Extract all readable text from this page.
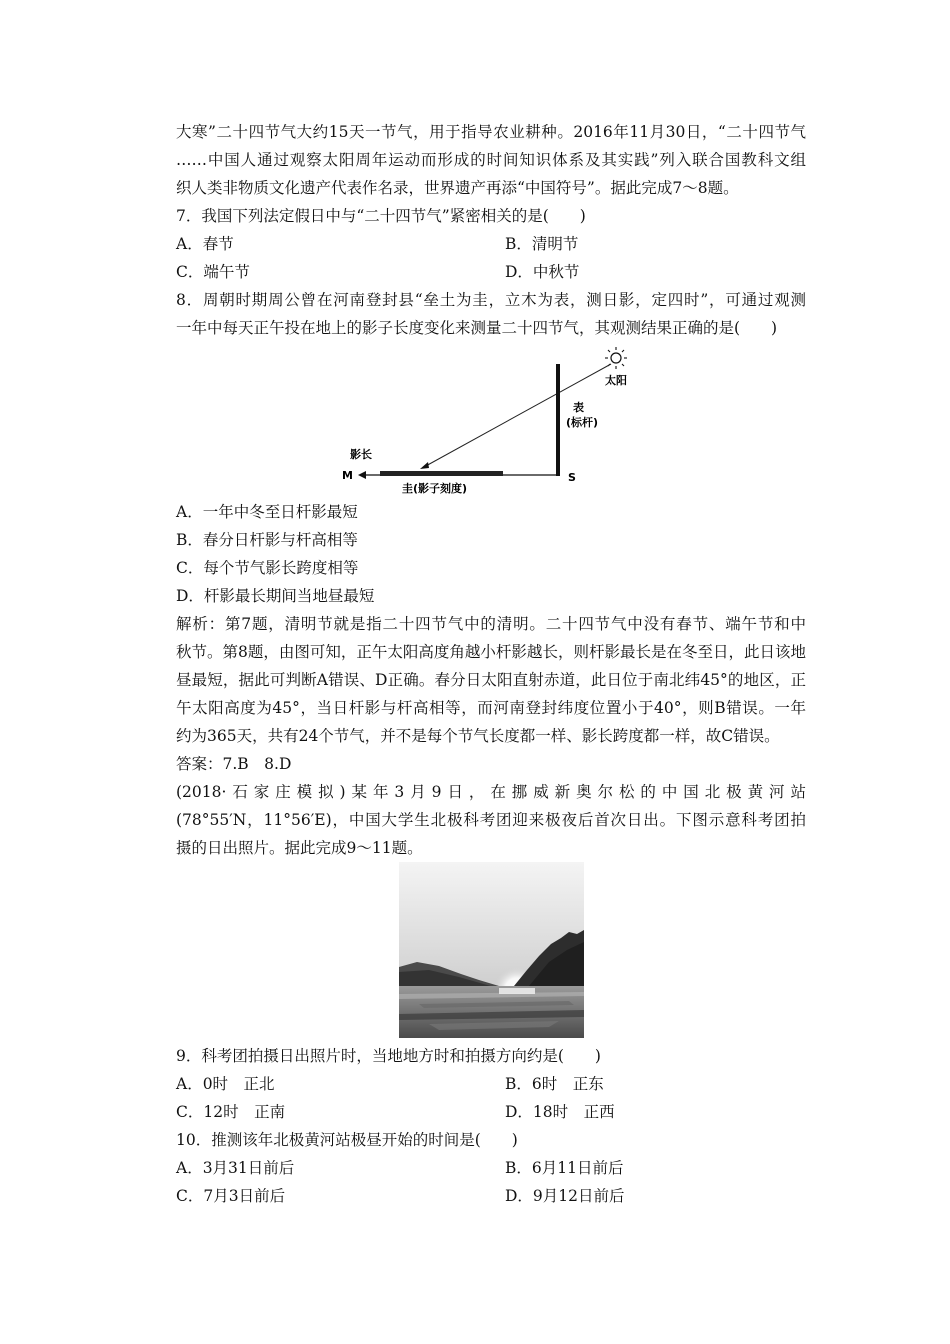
大寒”二十四节气大约15天一节气，用于指导农业耕种。2016年11月30日，“二十四节气
……中国人通过观察太阳周年运动而形成的时间知识体系及其实践”列入联合国教科文组
织人类非物质文化遗产代表作名录，世界遗产再添“中国符号”。据此完成7～8题。
7．我国下列法定假日中与“二十四节气”紧密相关的是(　　)
A．春节	B．清明节
C．端午节	D．中秋节
8．周朝时期周公曾在河南登封县“垒土为圭，立木为表，测日影，定四时”，可通过观测
一年中每天正午投在地上的影子长度变化来测量二十四节气，其观测结果正确的是(　　)
太阳
表
(标杆)
影长
M	S
圭(影子刻度)
A．一年中冬至日杆影最短
B．春分日杆影与杆高相等
C．每个节气影长跨度相等
D．杆影最长期间当地昼最短
解析：第7题，清明节就是指二十四节气中的清明。二十四节气中没有春节、端午节和中
秋节。第8题，由图可知，正午太阳高度角越小杆影越长，则杆影最长是在冬至日，此日该地
昼最短，据此可判断A错误、D正确。春分日太阳直射赤道，此日位于南北纬45°的地区，正
午太阳高度为45°，当日杆影与杆高相等，而河南登封纬度位置小于40°，则B错误。一年
约为365天，共有24个节气，并不是每个节气长度都一样、影长跨度都一样，故C错误。
答案：7.B　8.D
(2018·石家庄模拟)某年3月9日，在挪威新奥尔松的中国北极黄河站
(78°55′N，11°56′E)，中国大学生北极科考团迎来极夜后首次日出。下图示意科考团拍
摄的日出照片。据此完成9～11题。
9．科考团拍摄日出照片时，当地地方时和拍摄方向约是(　　)
A．0时　正北	B．6时　正东
C．12时　正南	D．18时　正西
10．推测该年北极黄河站极昼开始的时间是(　　)
A．3月31日前后	B．6月11日前后
C．7月3日前后	D．9月12日前后
